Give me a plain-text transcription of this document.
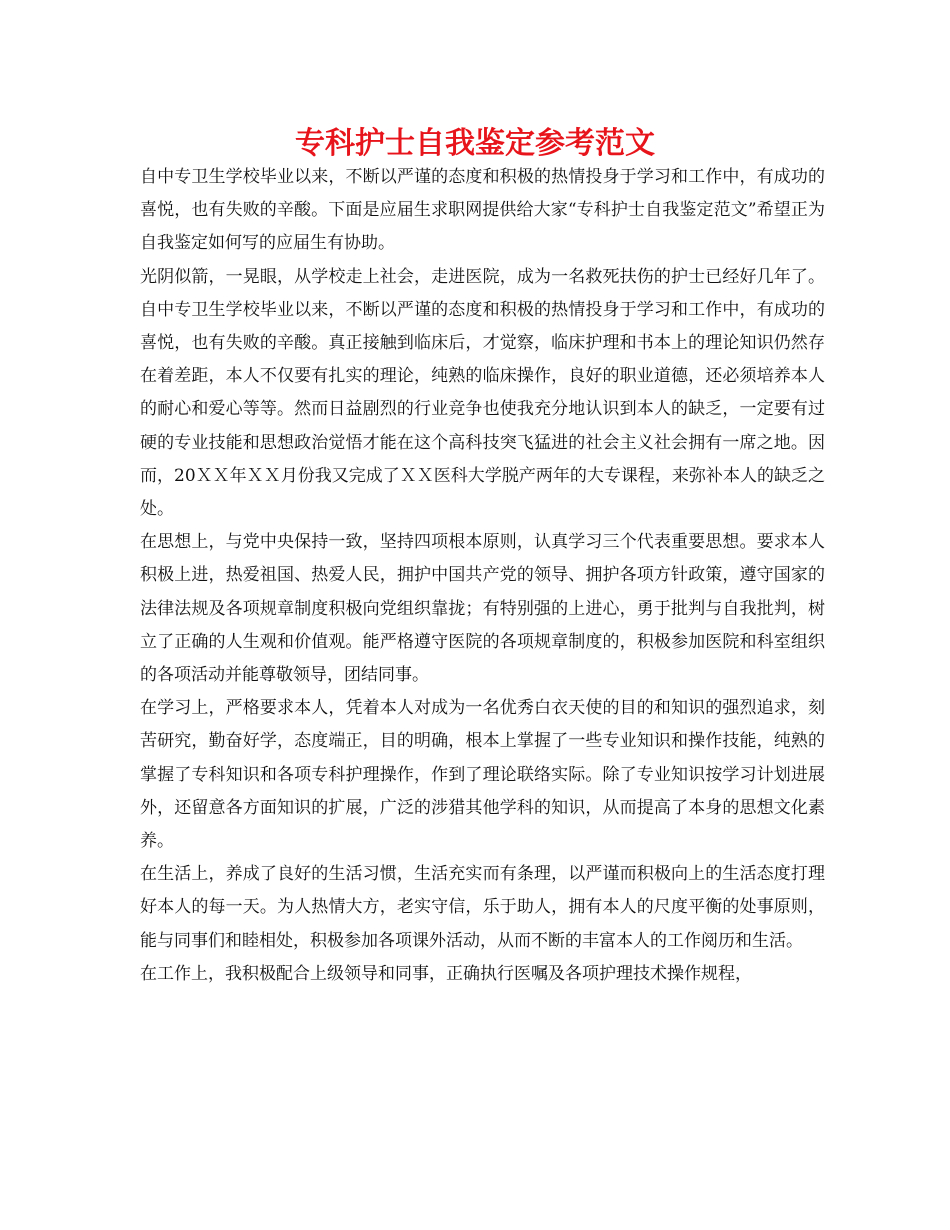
专科护士自我鉴定参考范文

自中专卫生学校毕业以来，不断以严谨的态度和积极的热情投身于学习和工作中，有成功的喜悦，也有失败的辛酸。下面是应届生求职网提供给大家“专科护士自我鉴定范文”希望正为自我鉴定如何写的应届生有协助。

光阴似箭，一晃眼，从学校走上社会，走进医院，成为一名救死扶伤的护士已经好几年了。自中专卫生学校毕业以来，不断以严谨的态度和积极的热情投身于学习和工作中，有成功的喜悦，也有失败的辛酸。真正接触到临床后，才觉察，临床护理和书本上的理论知识仍然存在着差距，本人不仅要有扎实的理论，纯熟的临床操作，良好的职业道德，还必须培养本人的耐心和爱心等等。然而日益剧烈的行业竞争也使我充分地认识到本人的缺乏，一定要有过硬的专业技能和思想政治觉悟才能在这个高科技突飞猛进的社会主义社会拥有一席之地。因而，20ＸＸ年ＸＸ月份我又完成了ＸＸ医科大学脱产两年的大专课程，来弥补本人的缺乏之处。

在思想上，与党中央保持一致，坚持四项根本原则，认真学习三个代表重要思想。要求本人积极上进，热爱祖国、热爱人民，拥护中国共产党的领导、拥护各项方针政策，遵守国家的法律法规及各项规章制度积极向党组织靠拢；有特别强的上进心，勇于批判与自我批判，树立了正确的人生观和价值观。能严格遵守医院的各项规章制度的，积极参加医院和科室组织的各项活动并能尊敬领导，团结同事。

在学习上，严格要求本人，凭着本人对成为一名优秀白衣天使的目的和知识的强烈追求，刻苦研究，勤奋好学，态度端正，目的明确，根本上掌握了一些专业知识和操作技能，纯熟的掌握了专科知识和各项专科护理操作，作到了理论联络实际。除了专业知识按学习计划进展外，还留意各方面知识的扩展，广泛的涉猎其他学科的知识，从而提高了本身的思想文化素养。

在生活上，养成了良好的生活习惯，生活充实而有条理，以严谨而积极向上的生活态度打理好本人的每一天。为人热情大方，老实守信，乐于助人，拥有本人的尺度平衡的处事原则，能与同事们和睦相处，积极参加各项课外活动，从而不断的丰富本人的工作阅历和生活。

在工作上，我积极配合上级领导和同事，正确执行医嘱及各项护理技术操作规程，
